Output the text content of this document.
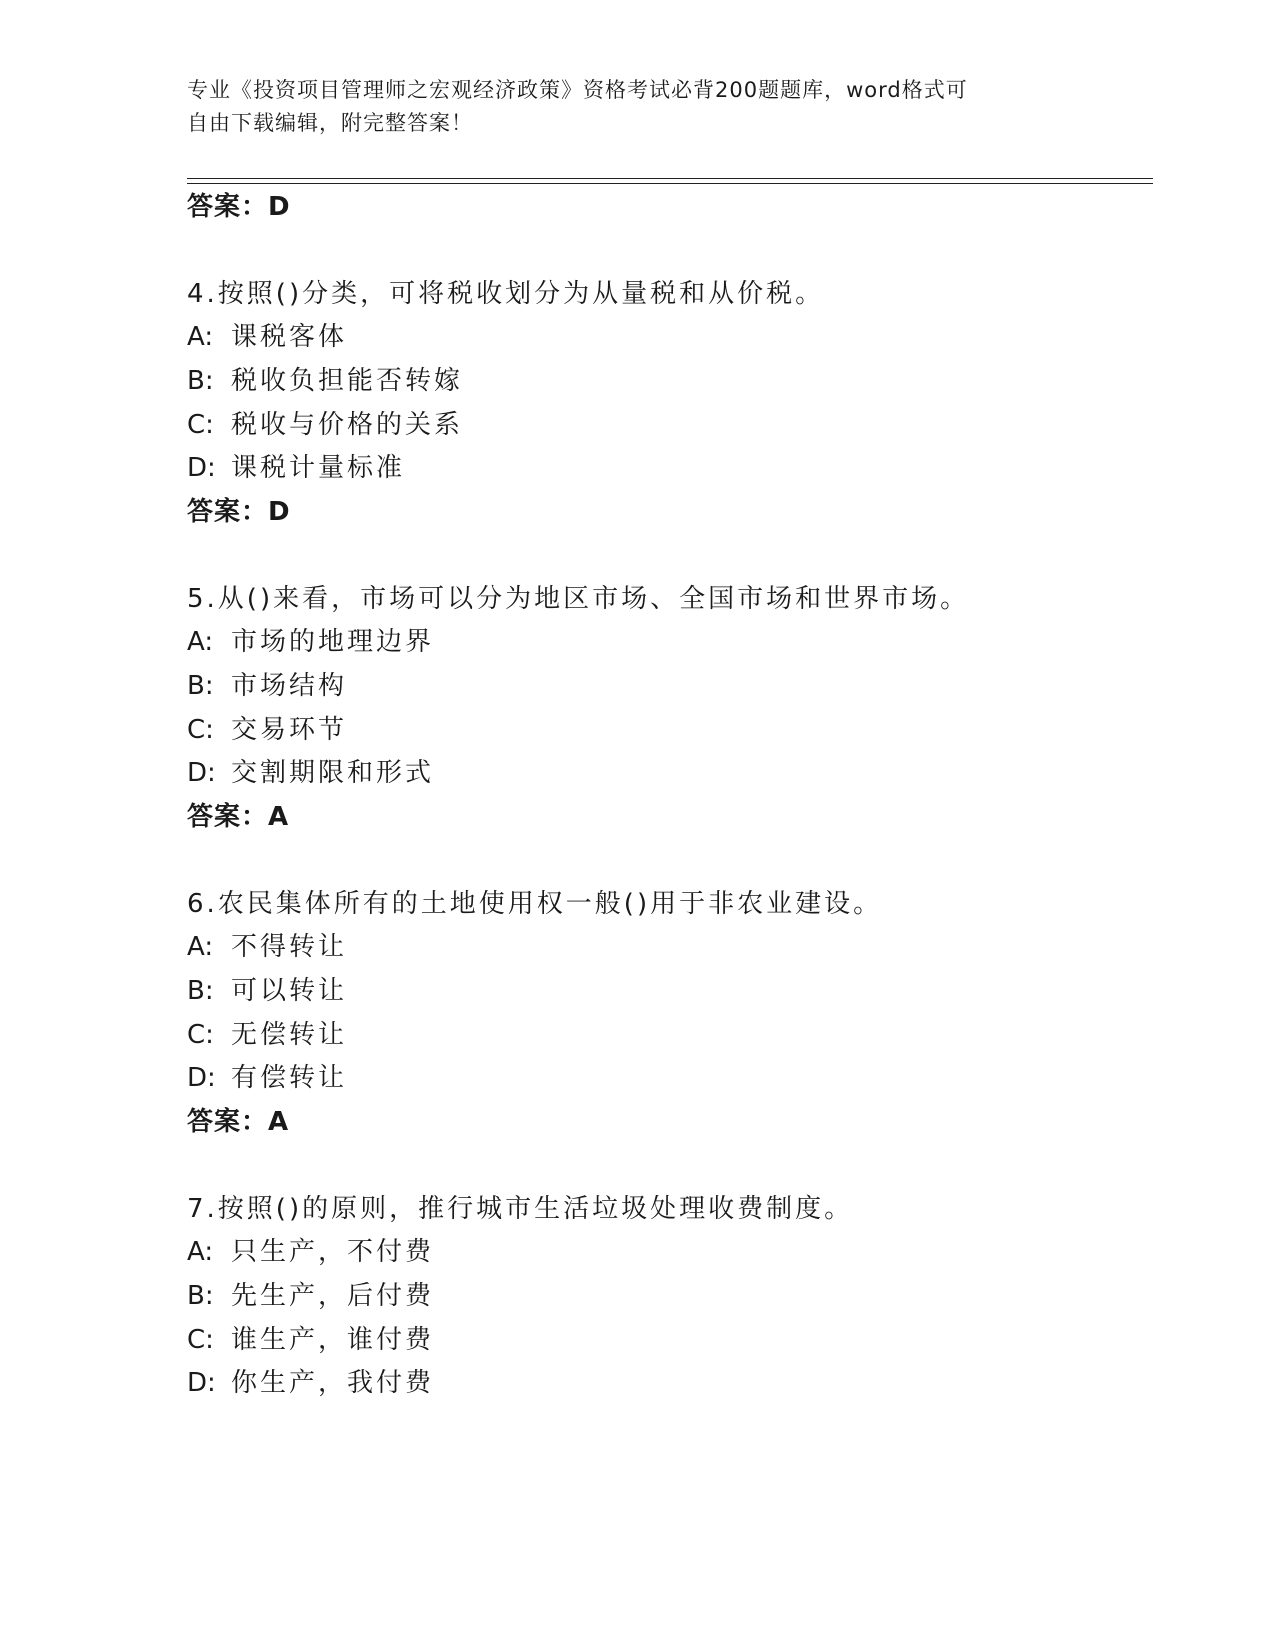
专业《投资项目管理师之宏观经济政策》资格考试必背200题题库，word格式可
自由下载编辑，附完整答案！
答案：D
4.按照()分类，可将税收划分为从量税和从价税。
A: 课税客体
B: 税收负担能否转嫁
C: 税收与价格的关系
D: 课税计量标准
答案：D
5.从()来看，市场可以分为地区市场、全国市场和世界市场。
A: 市场的地理边界
B: 市场结构
C: 交易环节
D: 交割期限和形式
答案：A
6.农民集体所有的土地使用权一般()用于非农业建设。
A: 不得转让
B: 可以转让
C: 无偿转让
D: 有偿转让
答案：A
7.按照()的原则，推行城市生活垃圾处理收费制度。
A: 只生产，不付费
B: 先生产，后付费
C: 谁生产，谁付费
D: 你生产，我付费
